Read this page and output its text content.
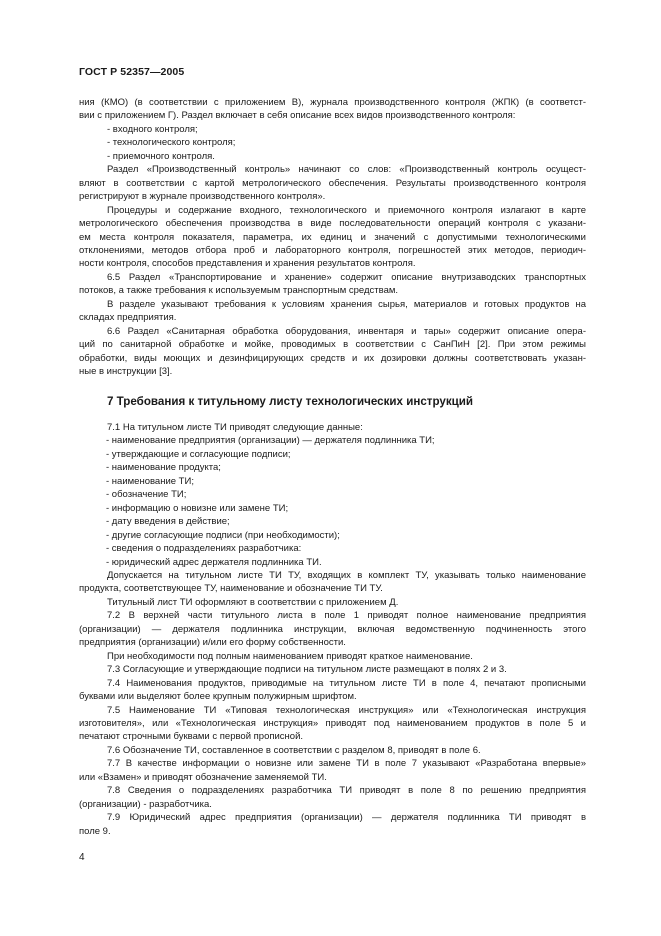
ГОСТ Р 52357—2005

ния (КМО) (в соответствии с приложением В), журнала производственного контроля (ЖПК) (в соответст-

вии с приложением Г). Раздел включает в себя описание всех видов производственного контроля:

- входного контроля;

- технологического контроля;

- приемочного контроля.

Раздел «Производственный контроль» начинают со слов: «Производственный контроль осущест-

вляют в соответствии с картой метрологического обеспечения. Результаты производственного контроля

регистрируют в журнале производственного контроля».

Процедуры и содержание входного, технологического и приемочного контроля излагают в карте

метрологического обеспечения производства в виде последовательности операций контроля с указани-

ем места контроля показателя, параметра, их единиц и значений с допустимыми технологическими

отклонениями, методов отбора проб и лабораторного контроля, погрешностей этих методов, периодич-

ности контроля, способов представления и хранения результатов контроля.

6.5 Раздел «Транспортирование и хранение» содержит описание внутризаводских транспортных

потоков, а также требования к используемым транспортным средствам.

В разделе указывают требования к условиям хранения сырья, материалов и готовых продуктов на

складах предприятия.

6.6 Раздел «Санитарная обработка оборудования, инвентаря и тары» содержит описание опера-

ций по санитарной обработке и мойке, проводимых в соответствии с СанПиН [2]. При этом режимы

обработки, виды моющих и дезинфицирующих средств и их дозировки должны соответствовать указан-

ные в инструкции [3].

7 Требования к титульному листу технологических инструкций

7.1 На титульном листе ТИ приводят следующие данные:

- наименование предприятия (организации) — держателя подлинника ТИ;

- утверждающие и согласующие подписи;

- наименование продукта;

- наименование ТИ;

- обозначение ТИ;

- информацию о новизне или замене ТИ;

- дату введения в действие;

- другие согласующие подписи (при необходимости);

- сведения о подразделениях разработчика:

- юридический адрес держателя подлинника ТИ.

Допускается на титульном листе ТИ ТУ, входящих в комплект ТУ, указывать только наименование

продукта, соответствующее ТУ, наименование и обозначение ТИ ТУ.

Титульный лист ТИ оформляют в соответствии с приложением Д.

7.2 В верхней части титульного листа в поле 1 приводят полное наименование предприятия

(организации) — держателя подлинника инструкции, включая ведомственную подчиненность этого

предприятия (организации) и/или его форму собственности.

При необходимости под полным наименованием приводят краткое наименование.

7.3 Согласующие и утверждающие подписи на титульном листе размещают в полях 2 и 3.

7.4 Наименования продуктов, приводимые на титульном листе ТИ в поле 4, печатают прописными

буквами или выделяют более крупным полужирным шрифтом.

7.5 Наименование ТИ «Типовая технологическая инструкция» или «Технологическая инструкция

изготовителя», или «Технологическая инструкция» приводят под наименованием продуктов в поле 5 и

печатают строчными буквами с первой прописной.

7.6 Обозначение ТИ, составленное в соответствии с разделом 8, приводят в поле 6.

7.7 В качестве информации о новизне или замене ТИ в поле 7 указывают «Разработана впервые»

или «Взамен» и приводят обозначение заменяемой ТИ.

7.8 Сведения о подразделениях разработчика ТИ приводят в поле 8 по решению предприятия

(организации) - разработчика.

7.9 Юридический адрес предприятия (организации) — держателя подлинника ТИ приводят в

поле 9.

4
